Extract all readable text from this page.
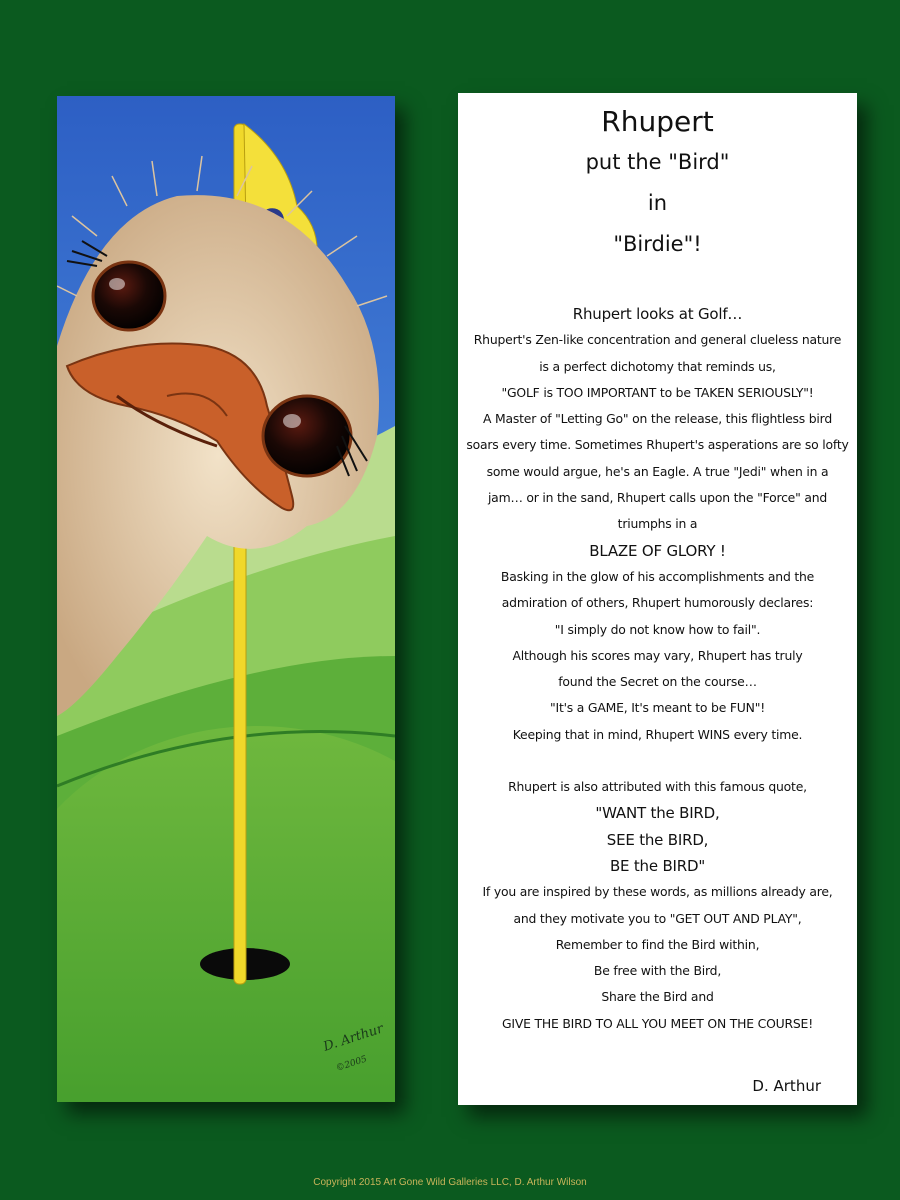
D. Arthur
©2005
Rhupert
put the "Bird"
in
"Birdie"!
Rhupert looks at Golf…
Rhupert's Zen-like concentration and general clueless nature
is a perfect dichotomy that reminds us,
"GOLF is TOO IMPORTANT to be TAKEN SERIOUSLY"!
A Master of "Letting Go" on the release, this flightless bird
soars every time. Sometimes Rhupert's asperations are so lofty
some would argue, he's an Eagle. A true "Jedi" when in a
jam… or in the sand, Rhupert calls upon the "Force" and
triumphs in a
BLAZE OF GLORY !
Basking in the glow of his accomplishments and the
admiration of others, Rhupert humorously declares:
"I simply do not know how to fail".
Although his scores may vary, Rhupert has truly
found the Secret on the course…
"It's a GAME, It's meant to be FUN"!
Keeping that in mind, Rhupert WINS every time.
Rhupert is also attributed with this famous quote,
"WANT the BIRD,
SEE the BIRD,
BE the BIRD"
If you are inspired by these words, as millions already are,
and they motivate you to "GET OUT AND PLAY",
Remember to find the Bird within,
Be free with the Bird,
Share the Bird and
GIVE THE BIRD TO ALL YOU MEET ON THE COURSE!
D. Arthur
Copyright 2015 Art Gone Wild Galleries LLC, D. Arthur Wilson
